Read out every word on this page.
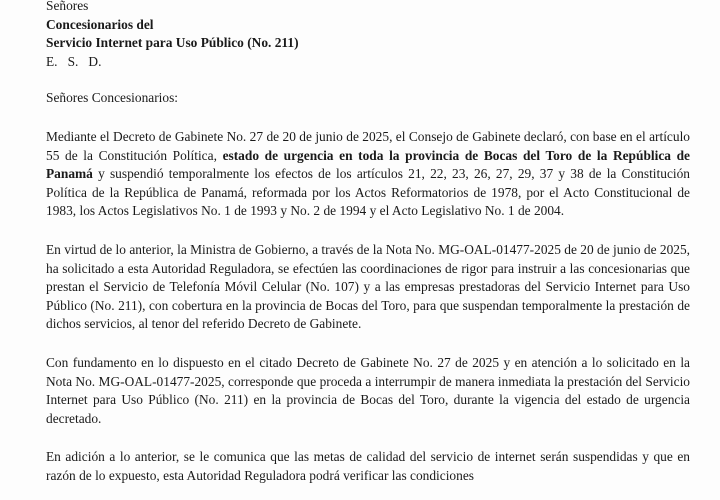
Señores
Concesionarios del
Servicio Internet para Uso Público (No. 211)
E.   S.   D.
Señores Concesionarios:

Mediante el Decreto de Gabinete No. 27 de 20 de junio de 2025, el Consejo de Gabinete declaró, con base en el artículo 55 de la Constitución Política, estado de urgencia en toda la provincia de Bocas del Toro de la República de Panamá y suspendió temporalmente los efectos de los artículos 21, 22, 23, 26, 27, 29, 37 y 38 de la Constitución Política de la República de Panamá, reformada por los Actos Reformatorios de 1978, por el Acto Constitucional de 1983, los Actos Legislativos No. 1 de 1993 y No. 2 de 1994 y el Acto Legislativo No. 1 de 2004.

En virtud de lo anterior, la Ministra de Gobierno, a través de la Nota No. MG-OAL-01477-2025 de 20 de junio de 2025, ha solicitado a esta Autoridad Reguladora, se efectúen las coordinaciones de rigor para instruir a las concesionarias que prestan el Servicio de Telefonía Móvil Celular (No. 107) y a las empresas prestadoras del Servicio Internet para Uso Público (No. 211), con cobertura en la provincia de Bocas del Toro, para que suspendan temporalmente la prestación de dichos servicios, al tenor del referido Decreto de Gabinete.

Con fundamento en lo dispuesto en el citado Decreto de Gabinete No. 27 de 2025 y en atención a lo solicitado en la Nota No. MG-OAL-01477-2025, corresponde que proceda a interrumpir de manera inmediata la prestación del Servicio Internet para Uso Público (No. 211) en la provincia de Bocas del Toro, durante la vigencia del estado de urgencia decretado.

En adición a lo anterior, se le comunica que las metas de calidad del servicio de internet serán suspendidas y que en razón de lo expuesto, esta Autoridad Reguladora podrá verificar las condiciones
